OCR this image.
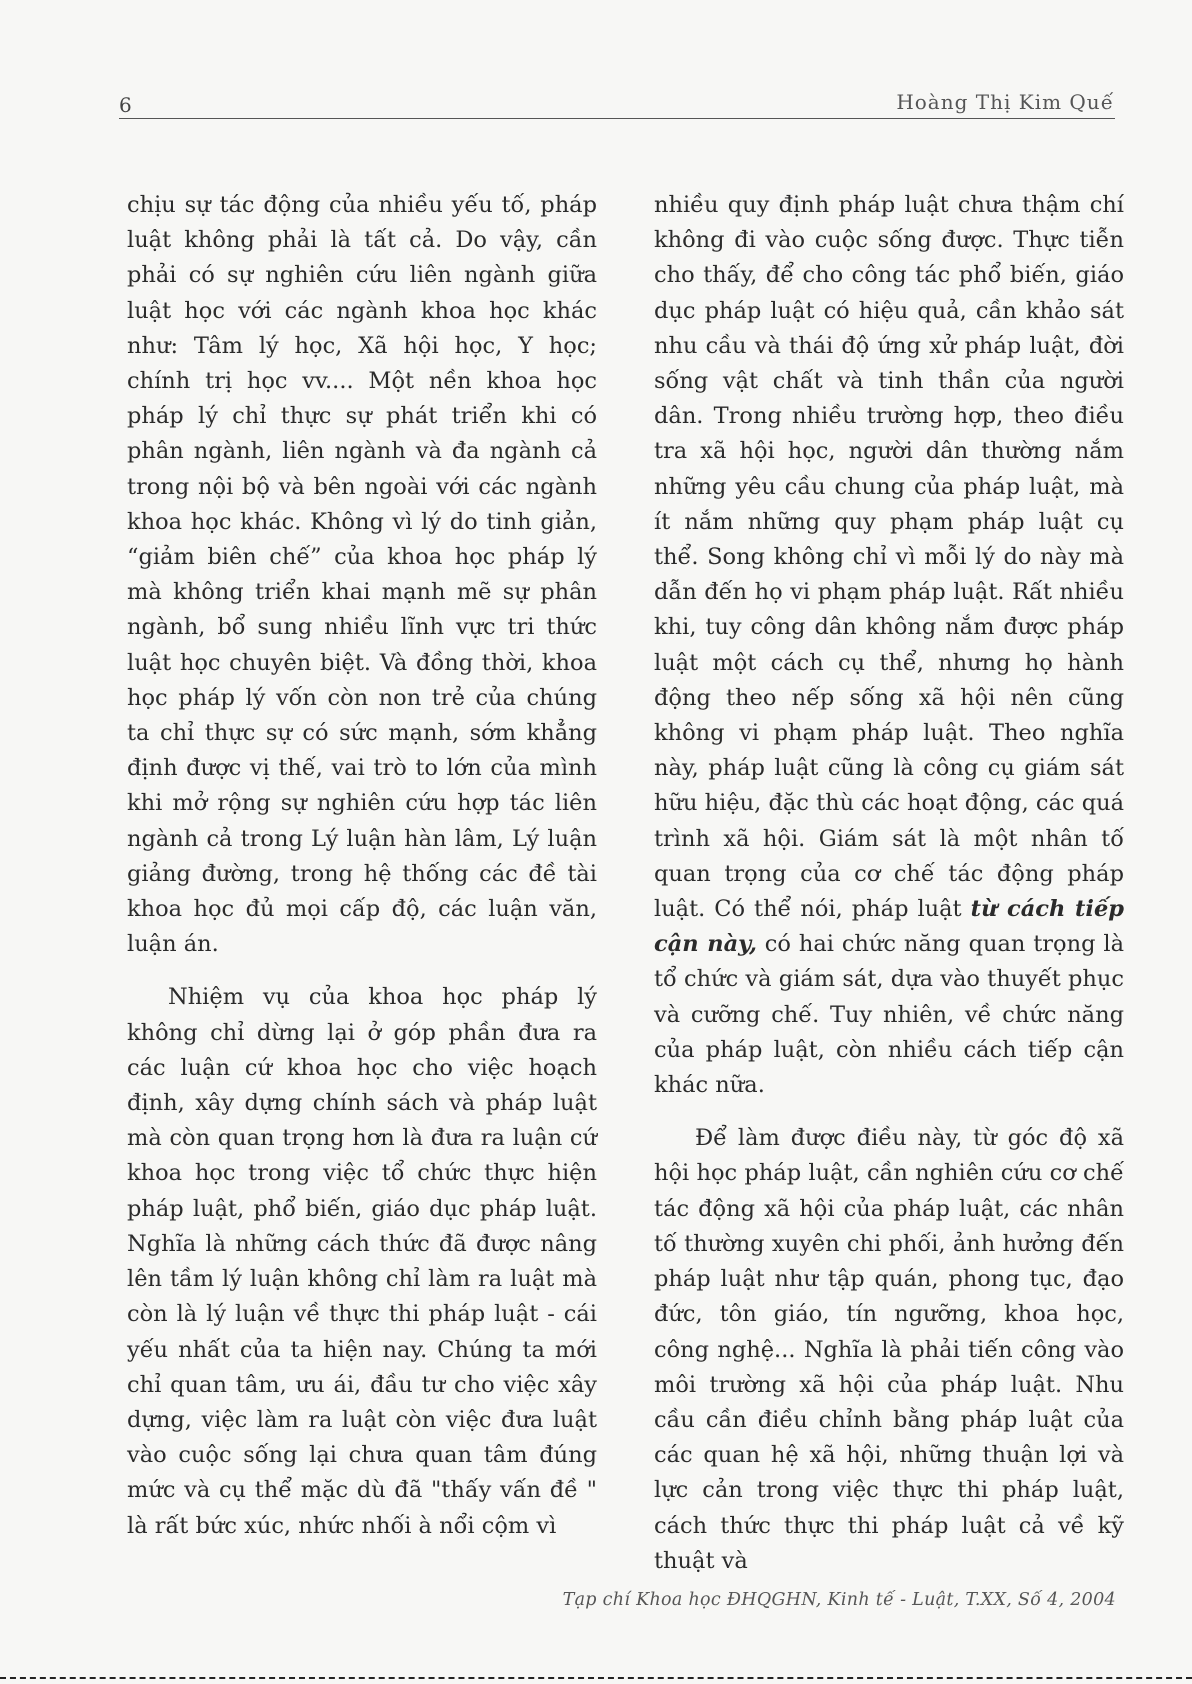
6	Hoàng Thị Kim Quế

chịu sự tác động của nhiều yếu tố, pháp luật không phải là tất cả. Do vậy, cần phải có sự nghiên cứu liên ngành giữa luật học với các ngành khoa học khác như: Tâm lý học, Xã hội học, Y học; chính trị học vv.... Một nền khoa học pháp lý chỉ thực sự phát triển khi có phân ngành, liên ngành và đa ngành cả trong nội bộ và bên ngoài với các ngành khoa học khác. Không vì lý do tinh giản, “giảm biên chế” của khoa học pháp lý mà không triển khai mạnh mẽ sự phân ngành, bổ sung nhiều lĩnh vực tri thức luật học chuyên biệt. Và đồng thời, khoa học pháp lý vốn còn non trẻ của chúng ta chỉ thực sự có sức mạnh, sớm khẳng định được vị thế, vai trò to lớn của mình khi mở rộng sự nghiên cứu hợp tác liên ngành cả trong Lý luận hàn lâm, Lý luận giảng đường, trong hệ thống các đề tài khoa học đủ mọi cấp độ, các luận văn, luận án.

Nhiệm vụ của khoa học pháp lý không chỉ dừng lại ở góp phần đưa ra các luận cứ khoa học cho việc hoạch định, xây dựng chính sách và pháp luật mà còn quan trọng hơn là đưa ra luận cứ khoa học trong việc tổ chức thực hiện pháp luật, phổ biến, giáo dục pháp luật. Nghĩa là những cách thức đã được nâng lên tầm lý luận không chỉ làm ra luật mà còn là lý luận về thực thi pháp luật - cái yếu nhất của ta hiện nay. Chúng ta mới chỉ quan tâm, ưu ái, đầu tư cho việc xây dựng, việc làm ra luật còn việc đưa luật vào cuộc sống lại chưa quan tâm đúng mức và cụ thể mặc dù đã "thấy vấn đề " là rất bức xúc, nhức nhối à nổi cộm vì

nhiều quy định pháp luật chưa thậm chí không đi vào cuộc sống được. Thực tiễn cho thấy, để cho công tác phổ biến, giáo dục pháp luật có hiệu quả, cần khảo sát nhu cầu và thái độ ứng xử pháp luật, đời sống vật chất và tinh thần của người dân. Trong nhiều trường hợp, theo điều tra xã hội học, người dân thường nắm những yêu cầu chung của pháp luật, mà ít nắm những quy phạm pháp luật cụ thể. Song không chỉ vì mỗi lý do này mà dẫn đến họ vi phạm pháp luật. Rất nhiều khi, tuy công dân không nắm được pháp luật một cách cụ thể, nhưng họ hành động theo nếp sống xã hội nên cũng không vi phạm pháp luật. Theo nghĩa này, pháp luật cũng là công cụ giám sát hữu hiệu, đặc thù các hoạt động, các quá trình xã hội. Giám sát là một nhân tố quan trọng của cơ chế tác động pháp luật. Có thể nói, pháp luật từ cách tiếp cận này, có hai chức năng quan trọng là tổ chức và giám sát, dựa vào thuyết phục và cưỡng chế. Tuy nhiên, về chức năng của pháp luật, còn nhiều cách tiếp cận khác nữa.

Để làm được điều này, từ góc độ xã hội học pháp luật, cần nghiên cứu cơ chế tác động xã hội của pháp luật, các nhân tố thường xuyên chi phối, ảnh hưởng đến pháp luật như tập quán, phong tục, đạo đức, tôn giáo, tín ngưỡng, khoa học, công nghệ... Nghĩa là phải tiến công vào môi trường xã hội của pháp luật. Nhu cầu cần điều chỉnh bằng pháp luật của các quan hệ xã hội, những thuận lợi và lực cản trong việc thực thi pháp luật, cách thức thực thi pháp luật cả về kỹ thuật và

Tạp chí Khoa học ĐHQGHN, Kinh tế - Luật, T.XX, Số 4, 2004
